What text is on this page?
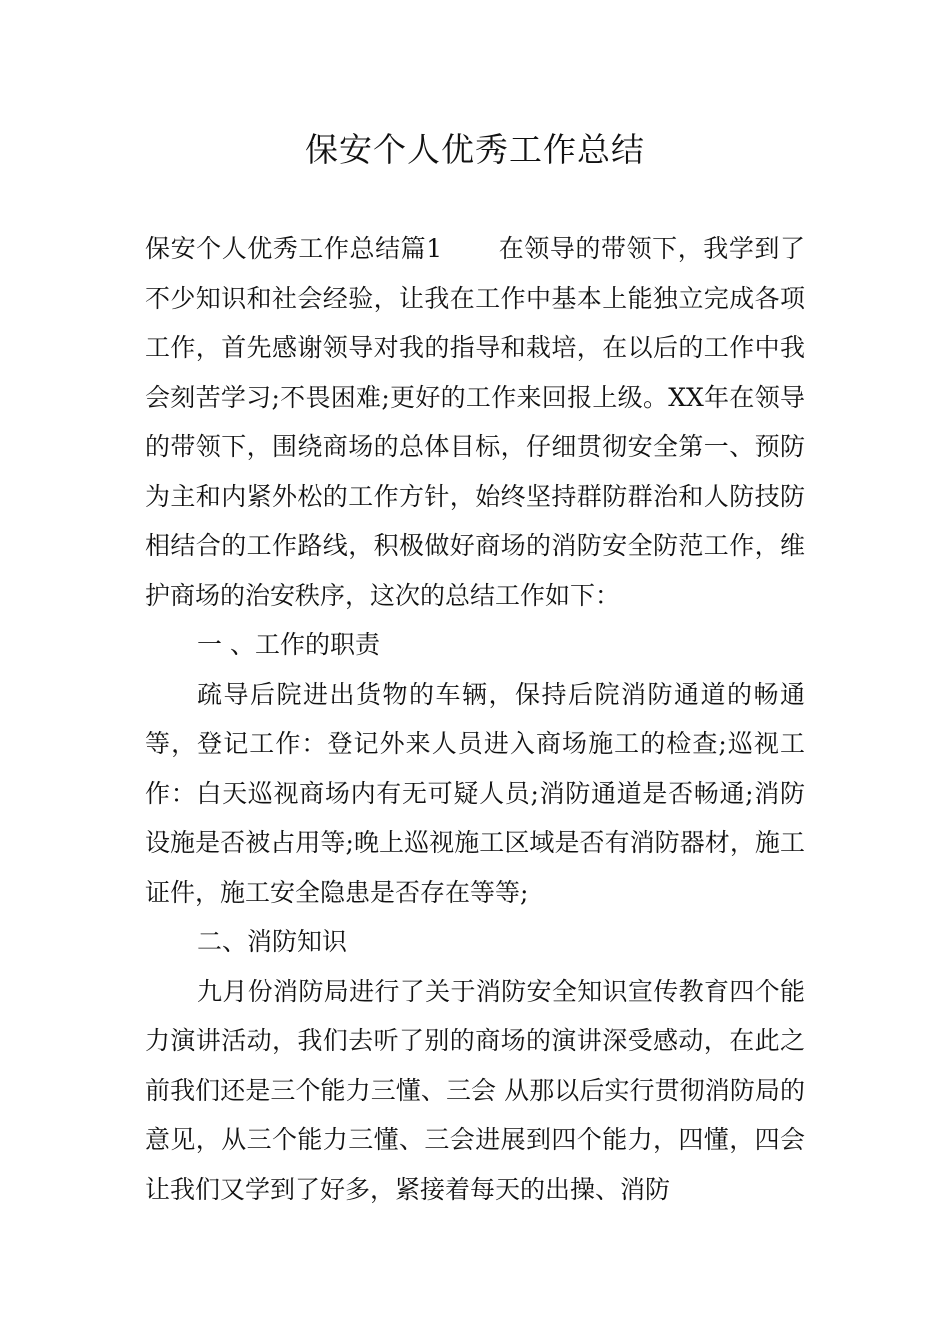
保安个人优秀工作总结

保安个人优秀工作总结篇1 在领导的带领下，我学到了不少知识和社会经验，让我在工作中基本上能独立完成各项工作，首先感谢领导对我的指导和栽培，在以后的工作中我会刻苦学习;不畏困难;更好的工作来回报上级。XX年在领导的带领下，围绕商场的总体目标，仔细贯彻安全第一、预防为主和内紧外松的工作方针，始终坚持群防群治和人防技防相结合的工作路线，积极做好商场的消防安全防范工作，维护商场的治安秩序，这次的总结工作如下：

一 、工作的职责

疏导后院进出货物的车辆，保持后院消防通道的畅通等，登记工作：登记外来人员进入商场施工的检查;巡视工作：白天巡视商场内有无可疑人员;消防通道是否畅通;消防设施是否被占用等;晚上巡视施工区域是否有消防器材，施工证件，施工安全隐患是否存在等等;

二、消防知识

九月份消防局进行了关于消防安全知识宣传教育四个能力演讲活动，我们去听了别的商场的演讲深受感动，在此之前我们还是三个能力三懂、三会 从那以后实行贯彻消防局的意见，从三个能力三懂、三会进展到四个能力，四懂，四会让我们又学到了好多，紧接着每天的出操、消防
